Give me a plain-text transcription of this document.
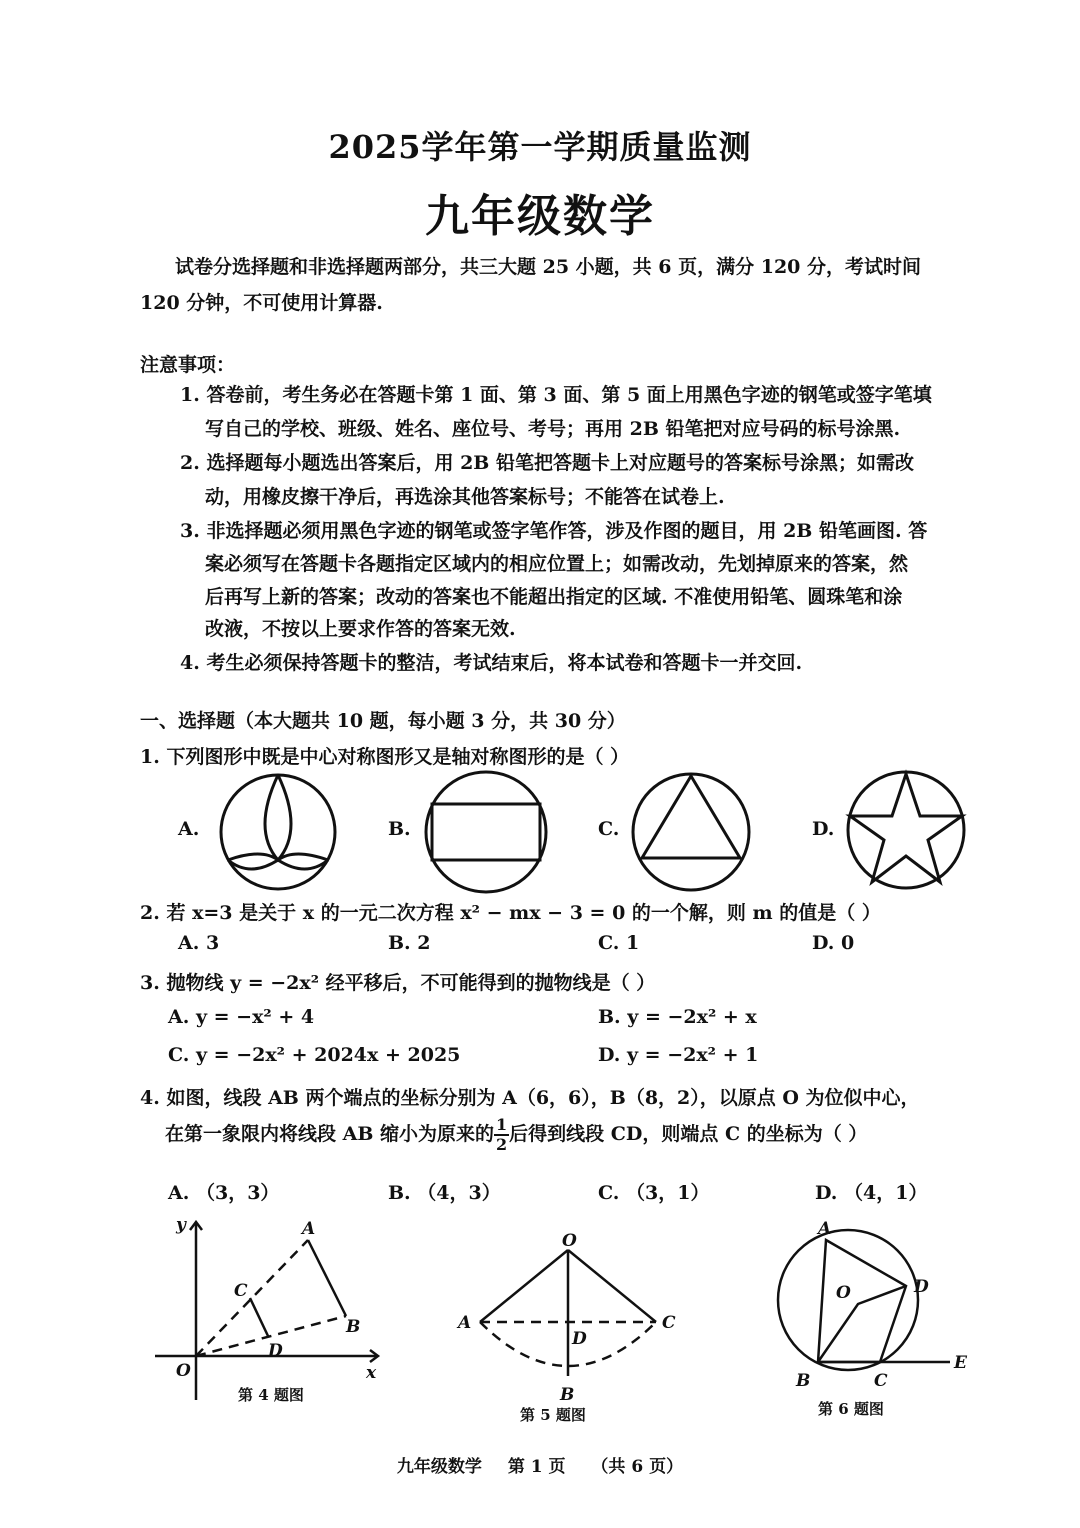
2025学年第一学期质量监测
九年级数学
试卷分选择题和非选择题两部分，共三大题 25 小题，共 6 页，满分 120 分，考试时间
120 分钟，不可使用计算器.
注意事项：
1. 答卷前，考生务必在答题卡第 1 面、第 3 面、第 5 面上用黑色字迹的钢笔或签字笔填
写自己的学校、班级、姓名、座位号、考号；再用 2B 铅笔把对应号码的标号涂黑.
2. 选择题每小题选出答案后，用 2B 铅笔把答题卡上对应题号的答案标号涂黑；如需改
动，用橡皮擦干净后，再选涂其他答案标号；不能答在试卷上.
3. 非选择题必须用黑色字迹的钢笔或签字笔作答，涉及作图的题目，用 2B 铅笔画图. 答
案必须写在答题卡各题指定区域内的相应位置上；如需改动，先划掉原来的答案，然
后再写上新的答案；改动的答案也不能超出指定的区域. 不准使用铅笔、圆珠笔和涂
改液，不按以上要求作答的答案无效.
4. 考生必须保持答题卡的整洁，考试结束后，将本试卷和答题卡一并交回.
一、选择题（本大题共 10 题，每小题 3 分，共 30 分）
1. 下列图形中既是中心对称图形又是轴对称图形的是（ ）
A.	B.	C.	D.
2. 若 x=3 是关于 x 的一元二次方程 x² − mx − 3 = 0 的一个解，则 m 的值是（ ）
A. 3	B. 2	C. 1	D. 0
3. 抛物线 y = −2x² 经平移后，不可能得到的抛物线是（ ）
A. y = −x² + 4	B. y = −2x² + x
C. y = −2x² + 2024x + 2025	D. y = −2x² + 1
4. 如图，线段 AB 两个端点的坐标分别为 A（6，6），B（8，2），以原点 O 为位似中心，
在第一象限内将线段 AB 缩小为原来的 $\frac{1}{2}$ 后得到线段 CD，则端点 C 的坐标为（ ）
A. （3，3）	B. （4，3）	C. （3，1）	D. （4，1）
y
x
O
A
B
C
D
O
A	C
D
B
A
O	D
B	C
E
第 4 题图
第 5 题图	第 6 题图
九年级数学 第 1 页 （共 6 页）
